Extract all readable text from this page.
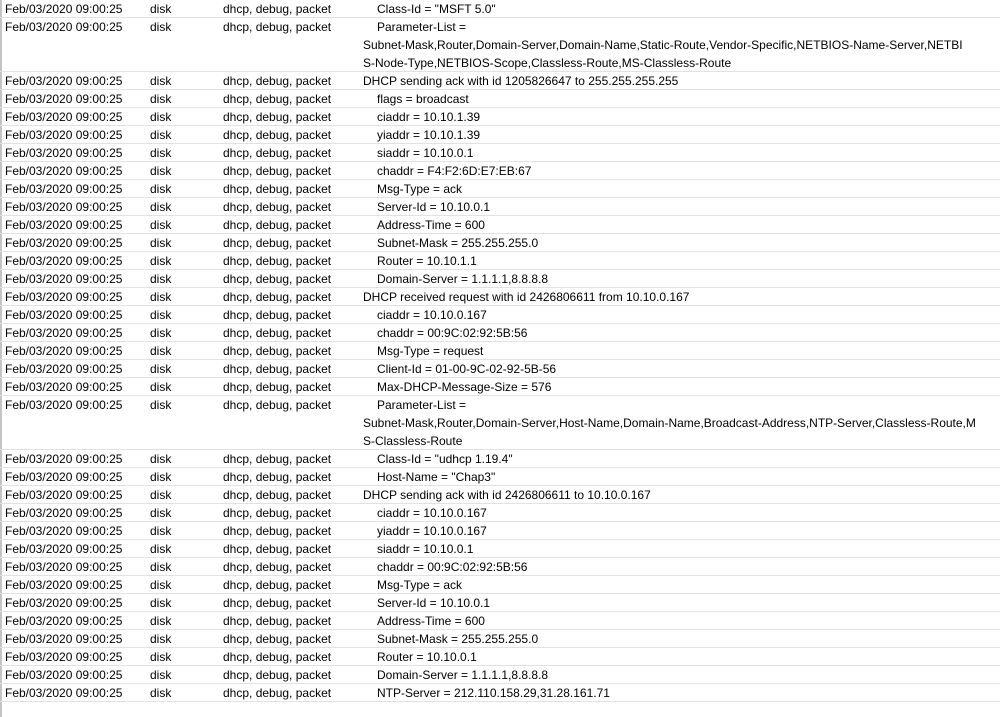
Feb/03/2020 09:00:25	disk	dhcp, debug, packet	Class-Id = "MSFT 5.0"
Feb/03/2020 09:00:25	disk	dhcp, debug, packet	Parameter-List =
Subnet-Mask,Router,Domain-Server,Domain-Name,Static-Route,Vendor-Specific,NETBIOS-Name-Server,NETBI
S-Node-Type,NETBIOS-Scope,Classless-Route,MS-Classless-Route
Feb/03/2020 09:00:25	disk	dhcp, debug, packet	DHCP sending ack with id 1205826647 to 255.255.255.255
Feb/03/2020 09:00:25	disk	dhcp, debug, packet	flags = broadcast
Feb/03/2020 09:00:25	disk	dhcp, debug, packet	ciaddr = 10.10.1.39
Feb/03/2020 09:00:25	disk	dhcp, debug, packet	yiaddr = 10.10.1.39
Feb/03/2020 09:00:25	disk	dhcp, debug, packet	siaddr = 10.10.0.1
Feb/03/2020 09:00:25	disk	dhcp, debug, packet	chaddr = F4:F2:6D:E7:EB:67
Feb/03/2020 09:00:25	disk	dhcp, debug, packet	Msg-Type = ack
Feb/03/2020 09:00:25	disk	dhcp, debug, packet	Server-Id = 10.10.0.1
Feb/03/2020 09:00:25	disk	dhcp, debug, packet	Address-Time = 600
Feb/03/2020 09:00:25	disk	dhcp, debug, packet	Subnet-Mask = 255.255.255.0
Feb/03/2020 09:00:25	disk	dhcp, debug, packet	Router = 10.10.1.1
Feb/03/2020 09:00:25	disk	dhcp, debug, packet	Domain-Server = 1.1.1.1,8.8.8.8
Feb/03/2020 09:00:25	disk	dhcp, debug, packet	DHCP received request with id 2426806611 from 10.10.0.167
Feb/03/2020 09:00:25	disk	dhcp, debug, packet	ciaddr = 10.10.0.167
Feb/03/2020 09:00:25	disk	dhcp, debug, packet	chaddr = 00:9C:02:92:5B:56
Feb/03/2020 09:00:25	disk	dhcp, debug, packet	Msg-Type = request
Feb/03/2020 09:00:25	disk	dhcp, debug, packet	Client-Id = 01-00-9C-02-92-5B-56
Feb/03/2020 09:00:25	disk	dhcp, debug, packet	Max-DHCP-Message-Size = 576
Feb/03/2020 09:00:25	disk	dhcp, debug, packet	Parameter-List =
Subnet-Mask,Router,Domain-Server,Host-Name,Domain-Name,Broadcast-Address,NTP-Server,Classless-Route,M
S-Classless-Route
Feb/03/2020 09:00:25	disk	dhcp, debug, packet	Class-Id = "udhcp 1.19.4"
Feb/03/2020 09:00:25	disk	dhcp, debug, packet	Host-Name = "Chap3"
Feb/03/2020 09:00:25	disk	dhcp, debug, packet	DHCP sending ack with id 2426806611 to 10.10.0.167
Feb/03/2020 09:00:25	disk	dhcp, debug, packet	ciaddr = 10.10.0.167
Feb/03/2020 09:00:25	disk	dhcp, debug, packet	yiaddr = 10.10.0.167
Feb/03/2020 09:00:25	disk	dhcp, debug, packet	siaddr = 10.10.0.1
Feb/03/2020 09:00:25	disk	dhcp, debug, packet	chaddr = 00:9C:02:92:5B:56
Feb/03/2020 09:00:25	disk	dhcp, debug, packet	Msg-Type = ack
Feb/03/2020 09:00:25	disk	dhcp, debug, packet	Server-Id = 10.10.0.1
Feb/03/2020 09:00:25	disk	dhcp, debug, packet	Address-Time = 600
Feb/03/2020 09:00:25	disk	dhcp, debug, packet	Subnet-Mask = 255.255.255.0
Feb/03/2020 09:00:25	disk	dhcp, debug, packet	Router = 10.10.0.1
Feb/03/2020 09:00:25	disk	dhcp, debug, packet	Domain-Server = 1.1.1.1,8.8.8.8
Feb/03/2020 09:00:25	disk	dhcp, debug, packet	NTP-Server = 212.110.158.29,31.28.161.71
